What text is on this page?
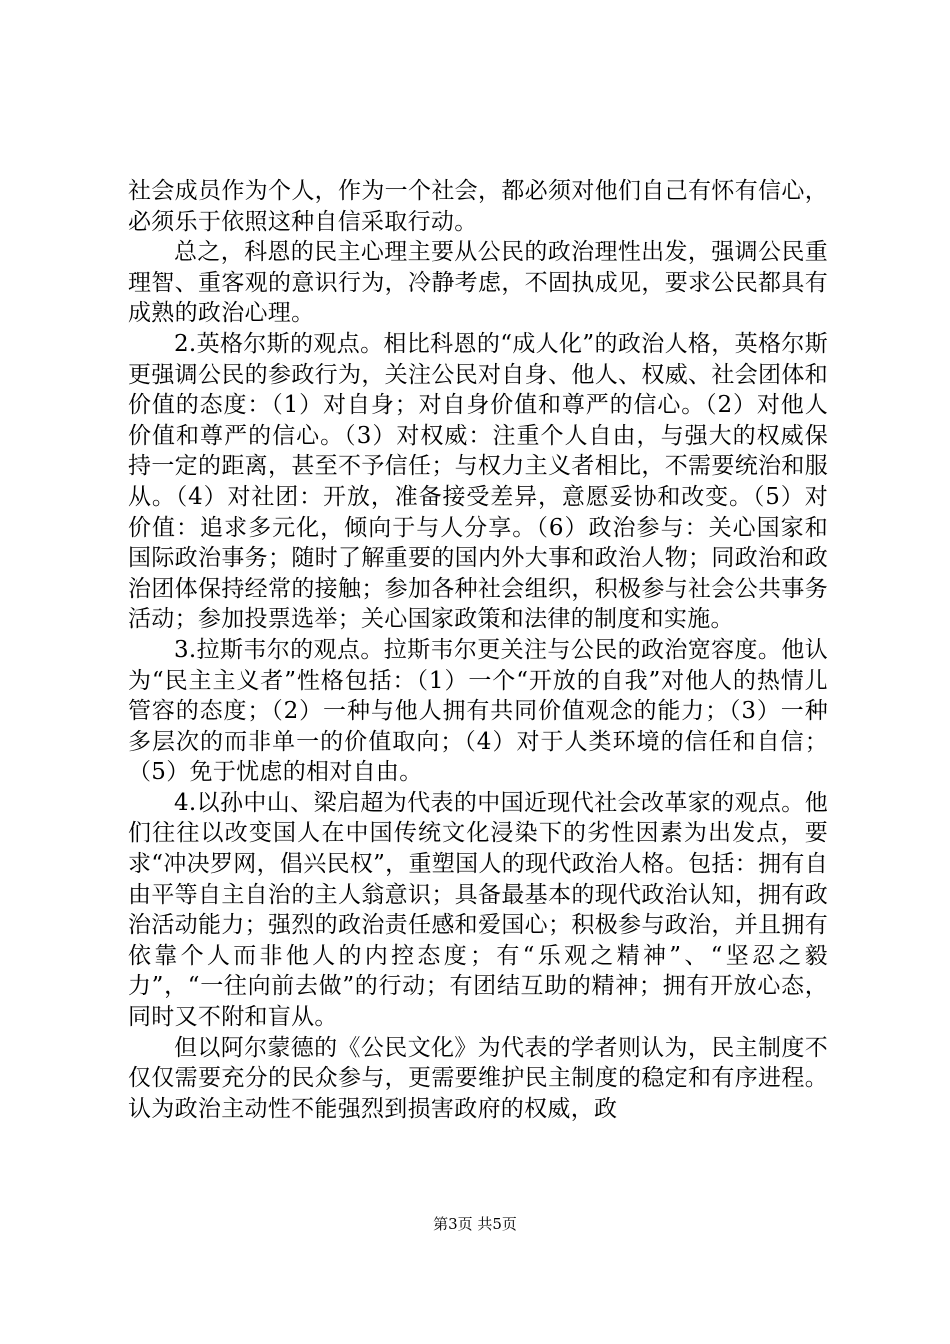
社会成员作为个人，作为一个社会，都必须对他们自己有怀有信心，必须乐于依照这种自信采取行动。

总之，科恩的民主心理主要从公民的政治理性出发，强调公民重理智、重客观的意识行为，冷静考虑，不固执成见，要求公民都具有成熟的政治心理。

2.英格尔斯的观点。相比科恩的“成人化”的政治人格，英格尔斯更强调公民的参政行为，关注公民对自身、他人、权威、社会团体和价值的态度：（1）对自身；对自身价值和尊严的信心。（2）对他人价值和尊严的信心。（3）对权威：注重个人自由，与强大的权威保持一定的距离，甚至不予信任；与权力主义者相比，不需要统治和服从。（4）对社团：开放，准备接受差异，意愿妥协和改变。（5）对价值：追求多元化，倾向于与人分享。（6）政治参与：关心国家和国际政治事务；随时了解重要的国内外大事和政治人物；同政治和政治团体保持经常的接触；参加各种社会组织，积极参与社会公共事务活动；参加投票选举；关心国家政策和法律的制度和实施。

3.拉斯韦尔的观点。拉斯韦尔更关注与公民的政治宽容度。他认为“民主主义者”性格包括：（1）一个“开放的自我”对他人的热情儿管容的态度；（2）一种与他人拥有共同价值观念的能力；（3）一种多层次的而非单一的价值取向；（4）对于人类环境的信任和自信；（5）免于忧虑的相对自由。

4.以孙中山、梁启超为代表的中国近现代社会改革家的观点。他们往往以改变国人在中国传统文化浸染下的劣性因素为出发点，要求“冲决罗网，倡兴民权”，重塑国人的现代政治人格。包括：拥有自由平等自主自治的主人翁意识；具备最基本的现代政治认知，拥有政治活动能力；强烈的政治责任感和爱国心；积极参与政治，并且拥有依靠个人而非他人的内控态度；有“乐观之精神”、“坚忍之毅力”，“一往向前去做”的行动；有团结互助的精神；拥有开放心态，同时又不附和盲从。

但以阿尔蒙德的《公民文化》为代表的学者则认为，民主制度不仅仅需要充分的民众参与，更需要维护民主制度的稳定和有序进程。认为政治主动性不能强烈到损害政府的权威，政

第3页 共5页
